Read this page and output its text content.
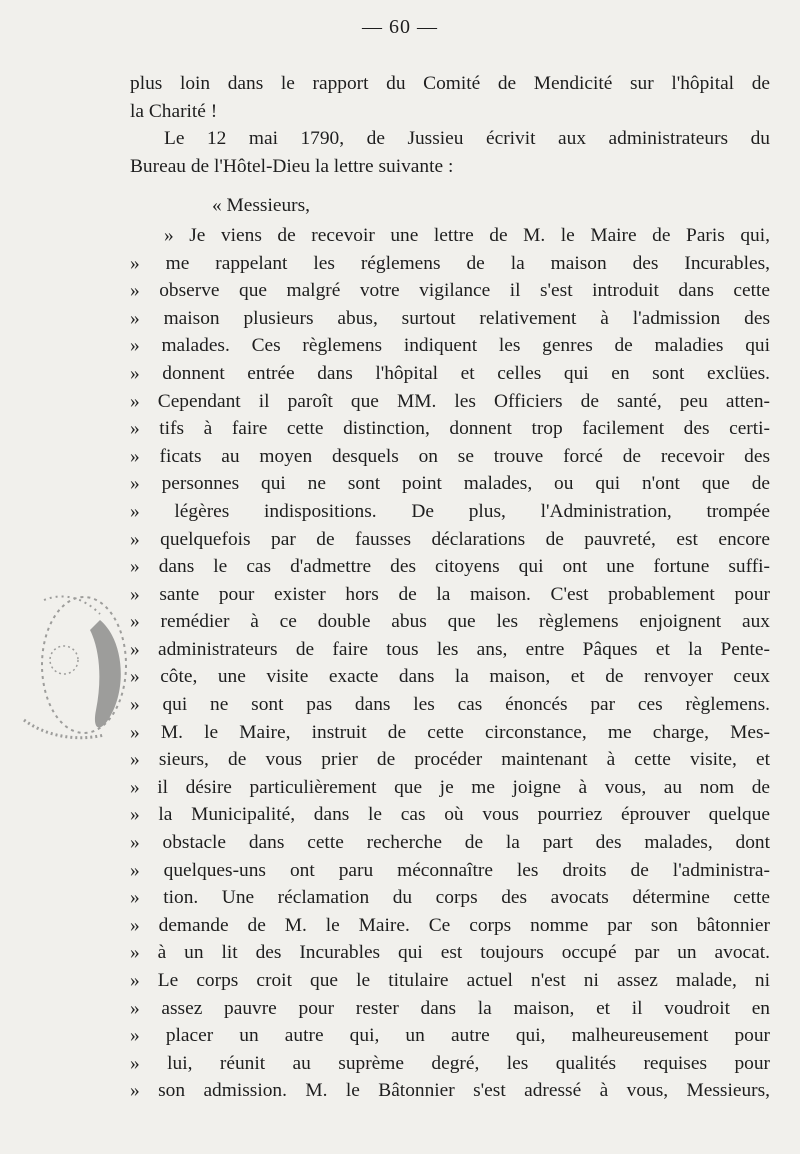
— 60 —
plus loin dans le rapport du Comité de Mendicité sur l'hôpital de
la Charité !
Le 12 mai 1790, de Jussieu écrivit aux administrateurs du
Bureau de l'Hôtel-Dieu la lettre suivante :
« Messieurs,
» Je viens de recevoir une lettre de M. le Maire de Paris qui,
» me rappelant les réglemens de la maison des Incurables,
» observe que malgré votre vigilance il s'est introduit dans cette
» maison plusieurs abus, surtout relativement à l'admission des
» malades. Ces règlemens indiquent les genres de maladies qui
» donnent entrée dans l'hôpital et celles qui en sont exclües.
» Cependant il paroît que MM. les Officiers de santé, peu atten-
» tifs à faire cette distinction, donnent trop facilement des certi-
» ficats au moyen desquels on se trouve forcé de recevoir des
» personnes qui ne sont point malades, ou qui n'ont que de
» légères indispositions. De plus, l'Administration, trompée
» quelquefois par de fausses déclarations de pauvreté, est encore
» dans le cas d'admettre des citoyens qui ont une fortune suffi-
» sante pour exister hors de la maison. C'est probablement pour
» remédier à ce double abus que les règlemens enjoignent aux
» administrateurs de faire tous les ans, entre Pâques et la Pente-
» côte, une visite exacte dans la maison, et de renvoyer ceux
» qui ne sont pas dans les cas énoncés par ces règlemens.
» M. le Maire, instruit de cette circonstance, me charge, Mes-
» sieurs, de vous prier de procéder maintenant à cette visite, et
» il désire particulièrement que je me joigne à vous, au nom de
» la Municipalité, dans le cas où vous pourriez éprouver quelque
» obstacle dans cette recherche de la part des malades, dont
» quelques-uns ont paru méconnaître les droits de l'administra-
» tion. Une réclamation du corps des avocats détermine cette
» demande de M. le Maire. Ce corps nomme par son bâtonnier
» à un lit des Incurables qui est toujours occupé par un avocat.
» Le corps croit que le titulaire actuel n'est ni assez malade, ni
» assez pauvre pour rester dans la maison, et il voudroit en
» placer un autre qui, un autre qui, malheureusement pour
» lui, réunit au suprème degré, les qualités requises pour
» son admission. M. le Bâtonnier s'est adressé à vous, Messieurs,
